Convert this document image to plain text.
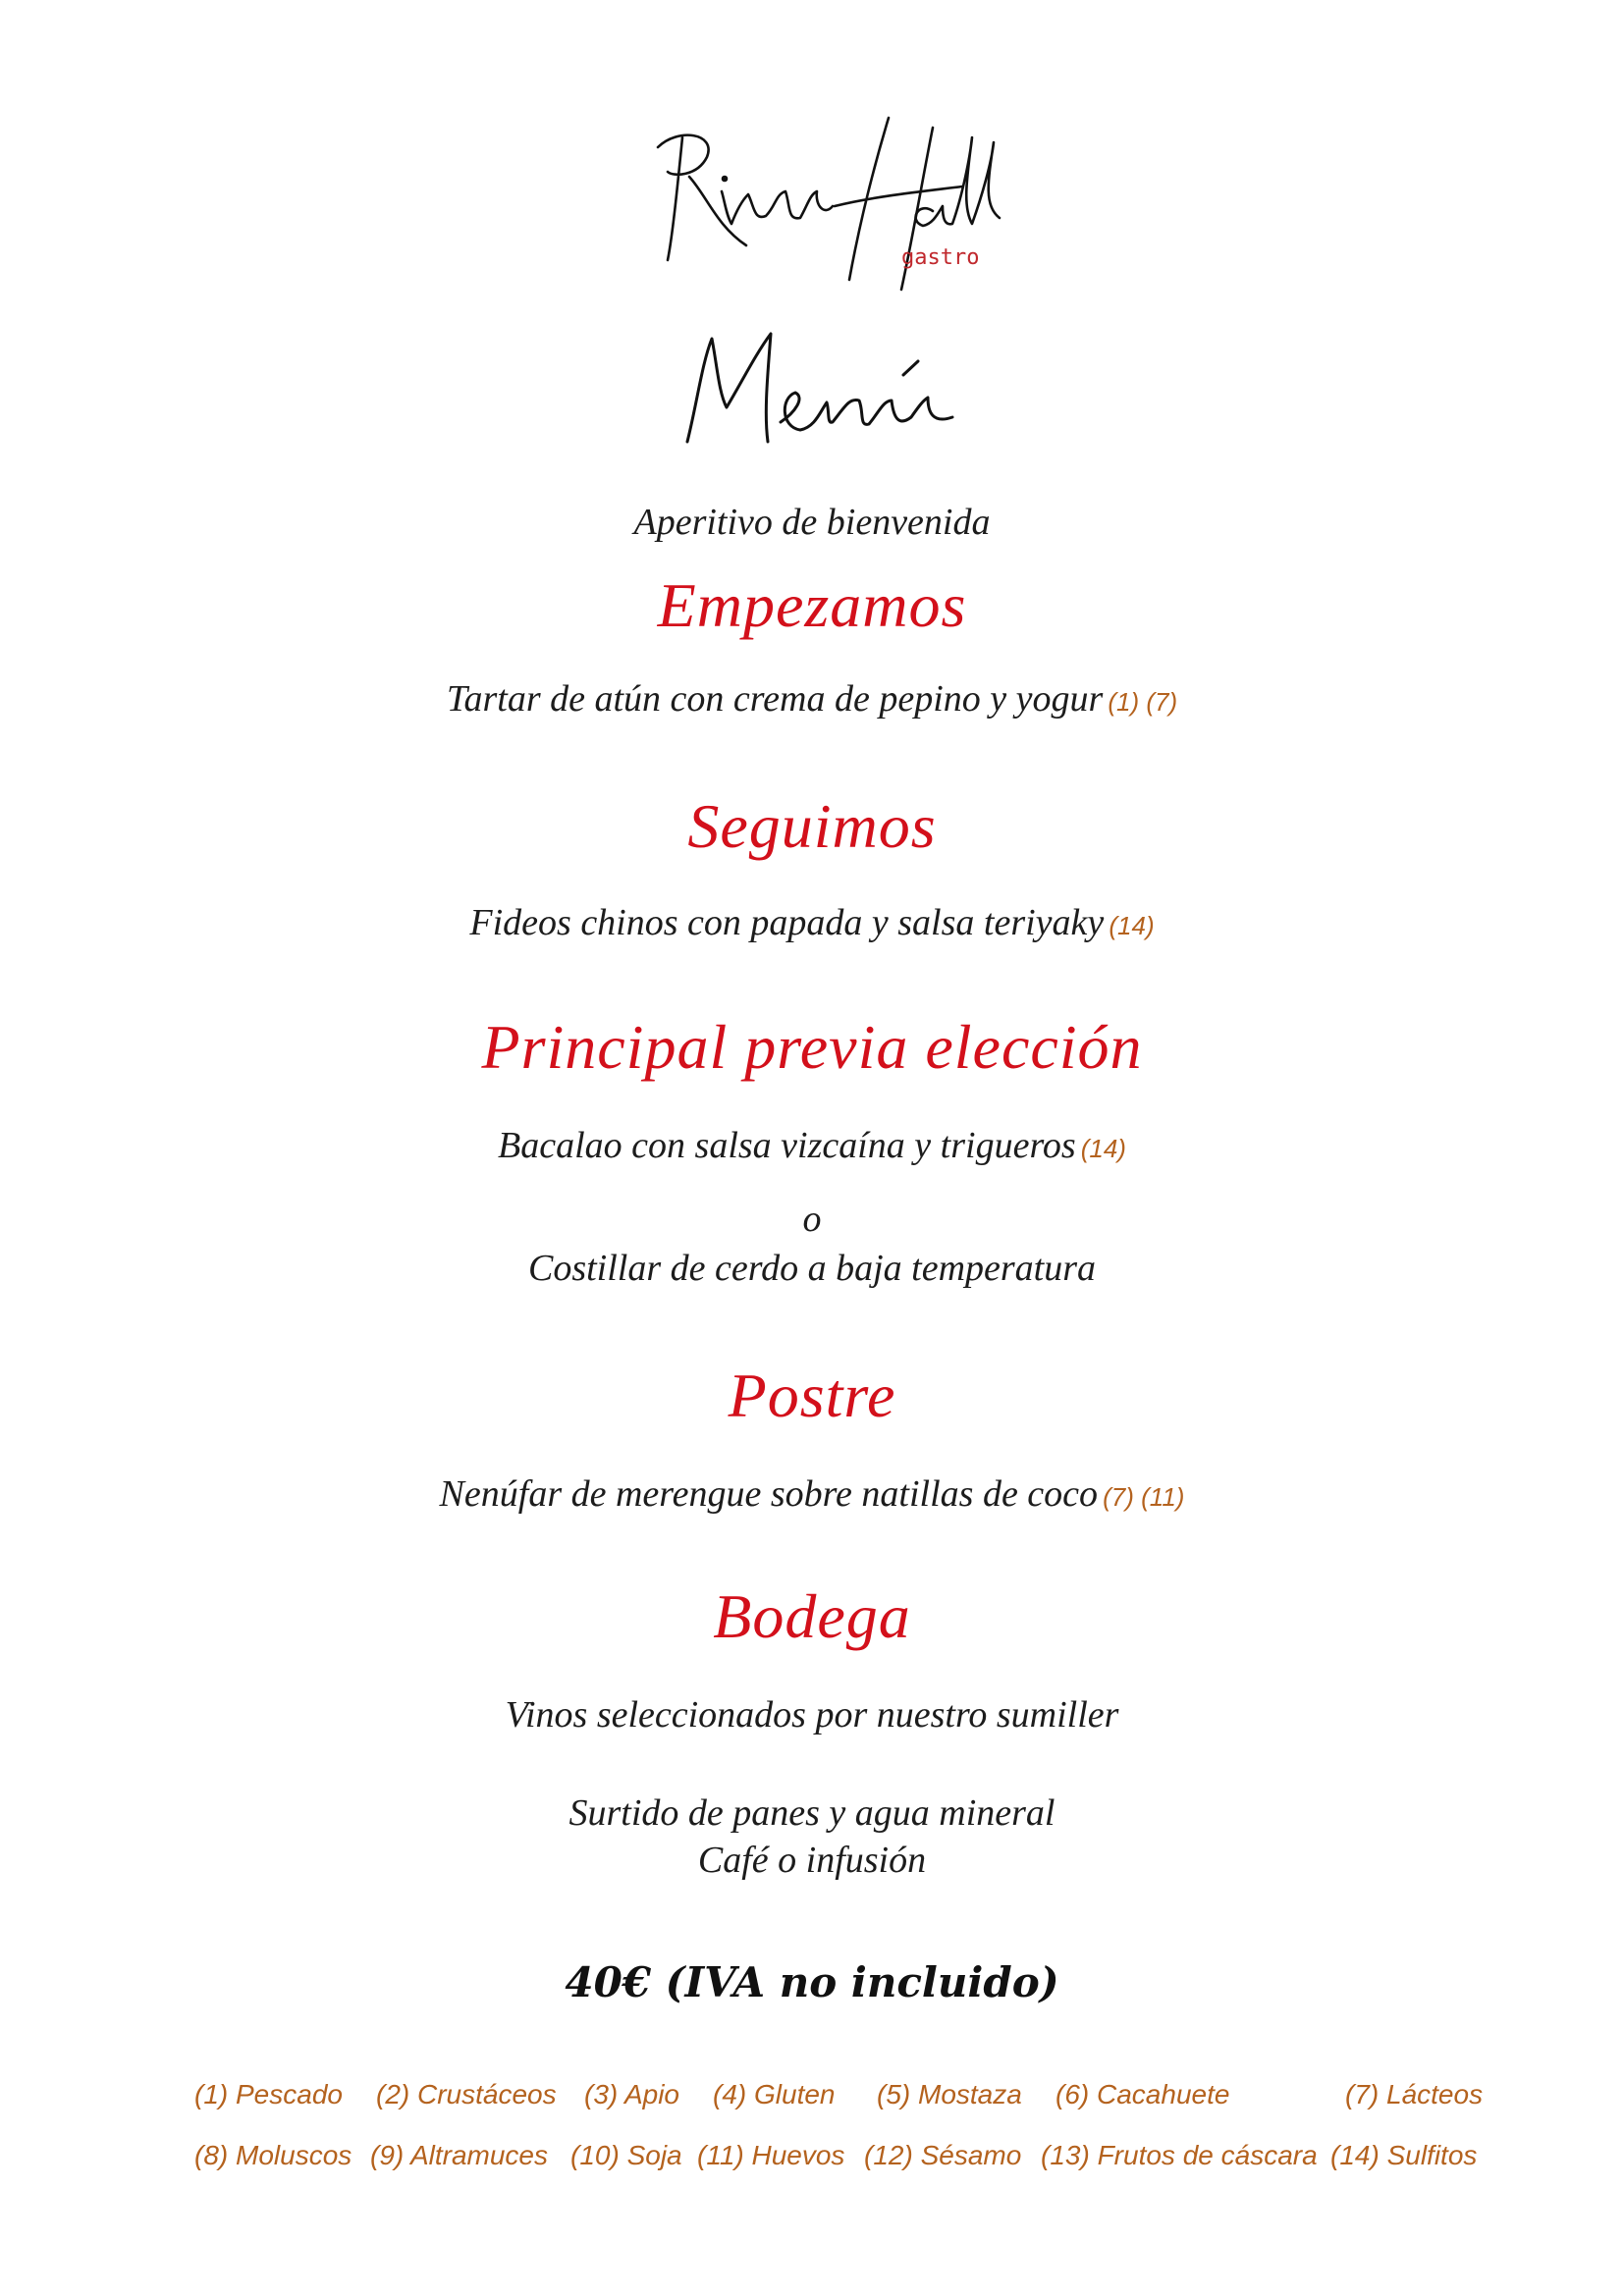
gastro
Aperitivo de bienvenida
Empezamos
Tartar de atún con crema de pepino y yogur (1) (7)
Seguimos
Fideos chinos con papada y salsa teriyaky (14)
Principal previa elección
Bacalao con salsa vizcaína y trigueros (14)
o
Costillar de cerdo a baja temperatura
Postre
Nenúfar de merengue sobre natillas de coco (7) (11)
Bodega
Vinos seleccionados por nuestro sumiller
Surtido de panes y agua mineral
Café o infusión
40€ (IVA no incluido)
(1) Pescado (2) Crustáceos (3) Apio (4) Gluten (5) Mostaza (6) Cacahuete	(7) Lácteos
(8) Moluscos (9) Altramuces (10) Soja (11) Huevos (12) Sésamo (13) Frutos de cáscara (14) Sulfitos
